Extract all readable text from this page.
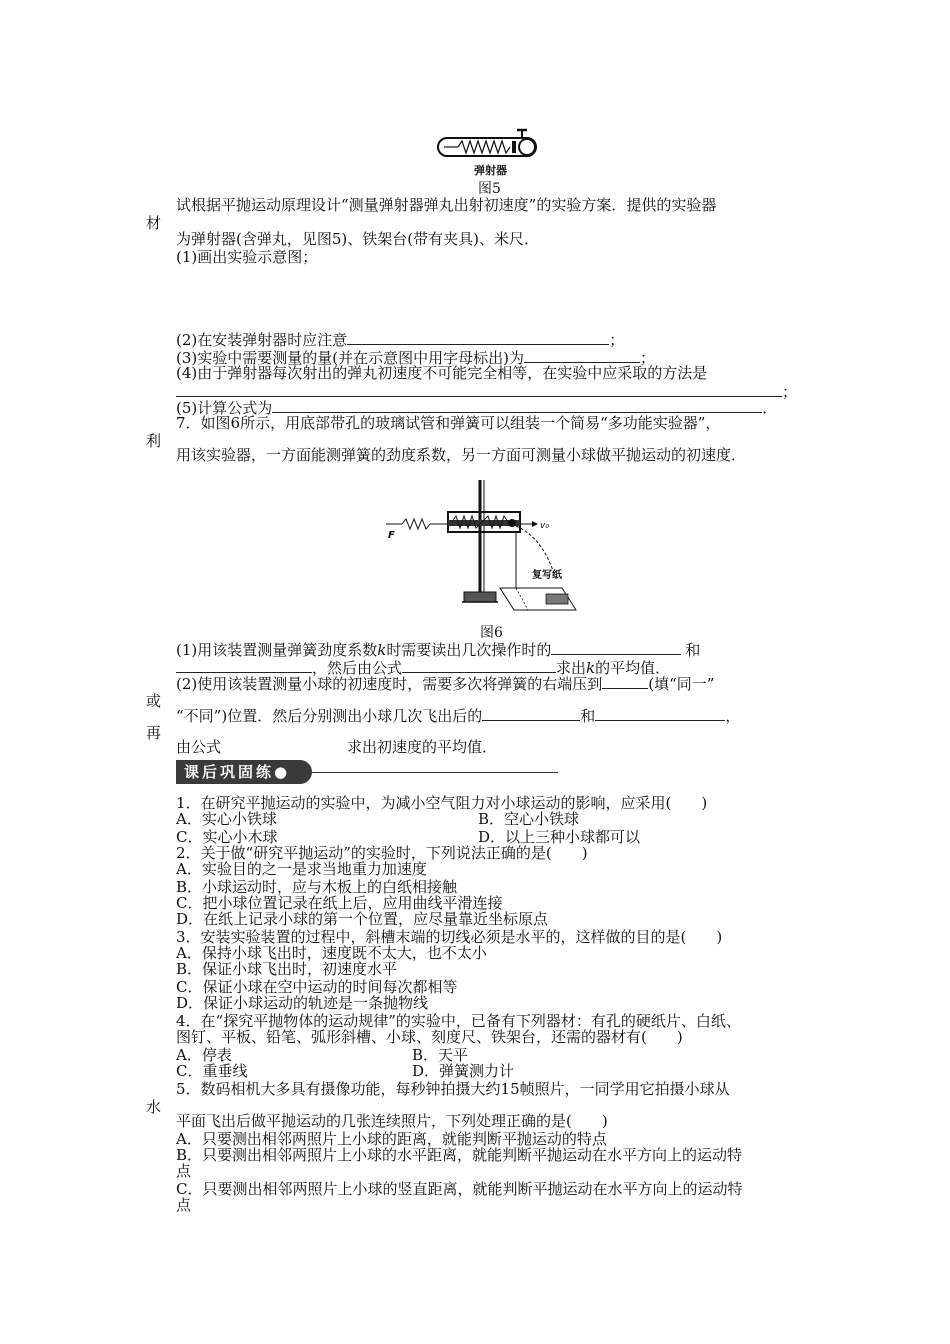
弹射器
图5
试根据平抛运动原理设计“测量弹射器弹丸出射初速度”的实验方案．提供的实验器
材
为弹射器(含弹丸，见图5)、铁架台(带有夹具)、米尺．
(1)画出实验示意图；
(2)在安装弹射器时应注意	；
(3)实验中需要测量的量(并在示意图中用字母标出)为	；
(4)由于弹射器每次射出的弹丸初速度不可能完全相等，在实验中应采取的方法是
；
(5)计算公式为	．
7．如图6所示，用底部带孔的玻璃试管和弹簧可以组装一个简易“多功能实验器”，
利
用该实验器，一方面能测弹簧的劲度系数，另一方面可测量小球做平抛运动的初速度．
v₀
F
复写纸
图6
(1)用该装置测量弹簧劲度系数k时需要读出几次操作时的	和
，然后由公式	求出k的平均值．
(2)使用该装置测量小球的初速度时，需要多次将弹簧的右端压到	(填“同一”
或
“不同”)位置．然后分别测出小球几次飞出后的	和	，
再
由公式	求出初速度的平均值．
课后巩固练●
1．在研究平抛运动的实验中，为减小空气阻力对小球运动的影响，应采用(　　)
A．实心小铁球	B．空心小铁球
C．实心小木球	D．以上三种小球都可以
2．关于做“研究平抛运动”的实验时，下列说法正确的是(　　)
A．实验目的之一是求当地重力加速度
B．小球运动时，应与木板上的白纸相接触
C．把小球位置记录在纸上后，应用曲线平滑连接
D．在纸上记录小球的第一个位置，应尽量靠近坐标原点
3．安装实验装置的过程中，斜槽末端的切线必须是水平的，这样做的目的是(　　)
A．保持小球飞出时，速度既不太大，也不太小
B．保证小球飞出时，初速度水平
C．保证小球在空中运动的时间每次都相等
D．保证小球运动的轨迹是一条抛物线
4．在“探究平抛物体的运动规律”的实验中，已备有下列器材：有孔的硬纸片、白纸、
图钉、平板、铅笔、弧形斜槽、小球、刻度尺、铁架台，还需的器材有(　　)
A．停表	B．天平
C．重垂线	D．弹簧测力计
5．数码相机大多具有摄像功能，每秒钟拍摄大约15帧照片，一同学用它拍摄小球从
水
平面飞出后做平抛运动的几张连续照片，下列处理正确的是(　　)
A．只要测出相邻两照片上小球的距离，就能判断平抛运动的特点
B．只要测出相邻两照片上小球的水平距离，就能判断平抛运动在水平方向上的运动特
点
C．只要测出相邻两照片上小球的竖直距离，就能判断平抛运动在水平方向上的运动特
点
